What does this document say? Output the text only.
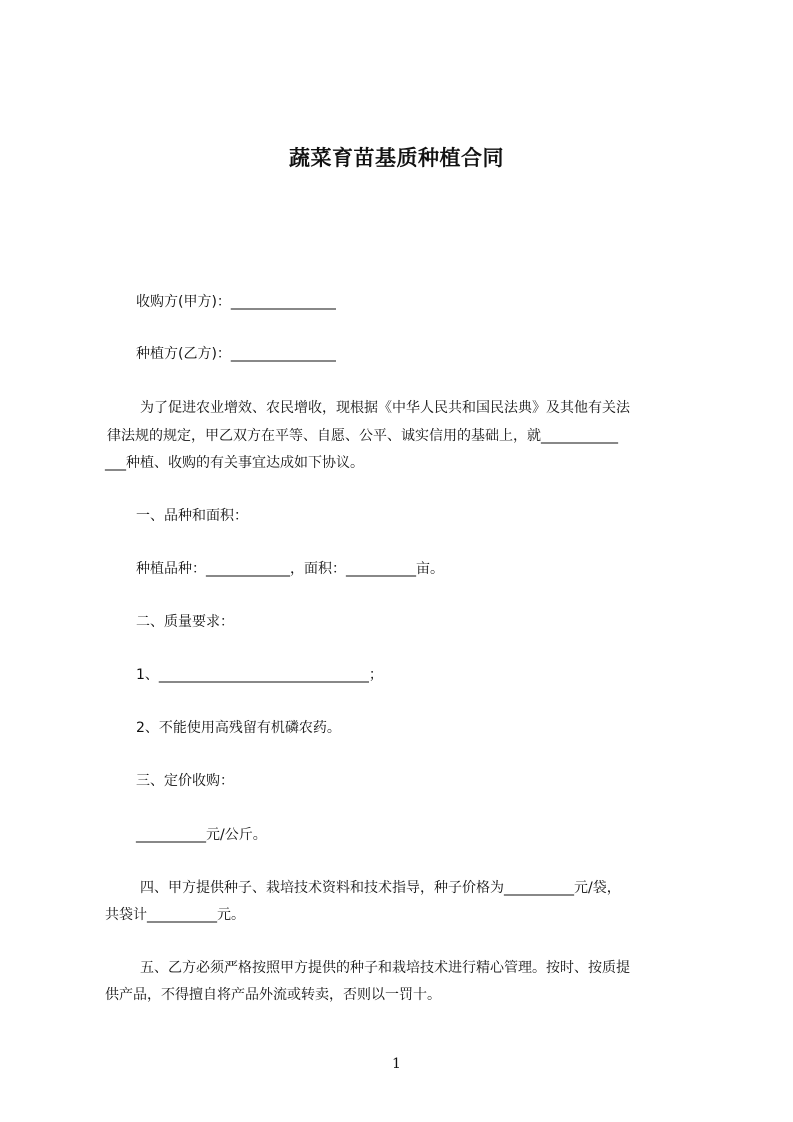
蔬菜育苗基质种植合同
收购方(甲方)：_______________
种植方(乙方)：_______________
为了促进农业增效、农民增收，现根据《中华人民共和国民法典》及其他有关法
律法规的规定，甲乙双方在平等、自愿、公平、诚实信用的基础上，就___________
___种植、收购的有关事宜达成如下协议。
一、品种和面积：
种植品种：____________，面积：__________亩。
二、质量要求：
1、______________________________；
2、不能使用高残留有机磷农药。
三、定价收购：
__________元/公斤。
四、甲方提供种子、栽培技术资料和技术指导，种子价格为__________元/袋，
共袋计__________元。
五、乙方必须严格按照甲方提供的种子和栽培技术进行精心管理。按时、按质提
供产品，不得擅自将产品外流或转卖，否则以一罚十。
1
